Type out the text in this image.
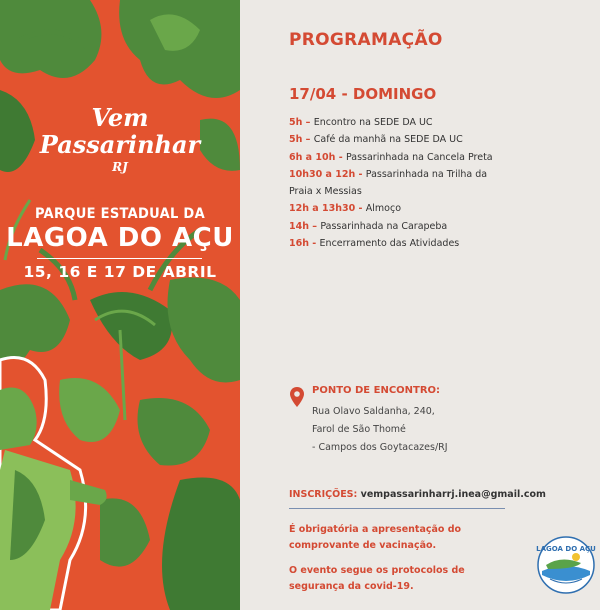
Vem
Passarinhar
RJ
PARQUE ESTADUAL DA
LAGOA DO AÇU
15, 16 E 17 DE ABRIL
PROGRAMAÇÃO
17/04 - DOMINGO
5h – Encontro na SEDE DA UC
5h – Café da manhã na SEDE DA UC
6h a 10h - Passarinhada na Cancela Preta
10h30 a 12h - Passarinhada na Trilha da
Praia x Messias
12h a 13h30 - Almoço
14h – Passarinhada na Carapeba
16h - Encerramento das Atividades
PONTO DE ENCONTRO:
Rua Olavo Saldanha, 240,
Farol de São Thomé
- Campos dos Goytacazes/RJ
INSCRIÇÕES: vempassarinharrj.inea@gmail.com
É obrigatória a apresentação do comprovante de vacinação.
O evento segue os protocolos de segurança da covid-19.
LAGOA DO AÇU
